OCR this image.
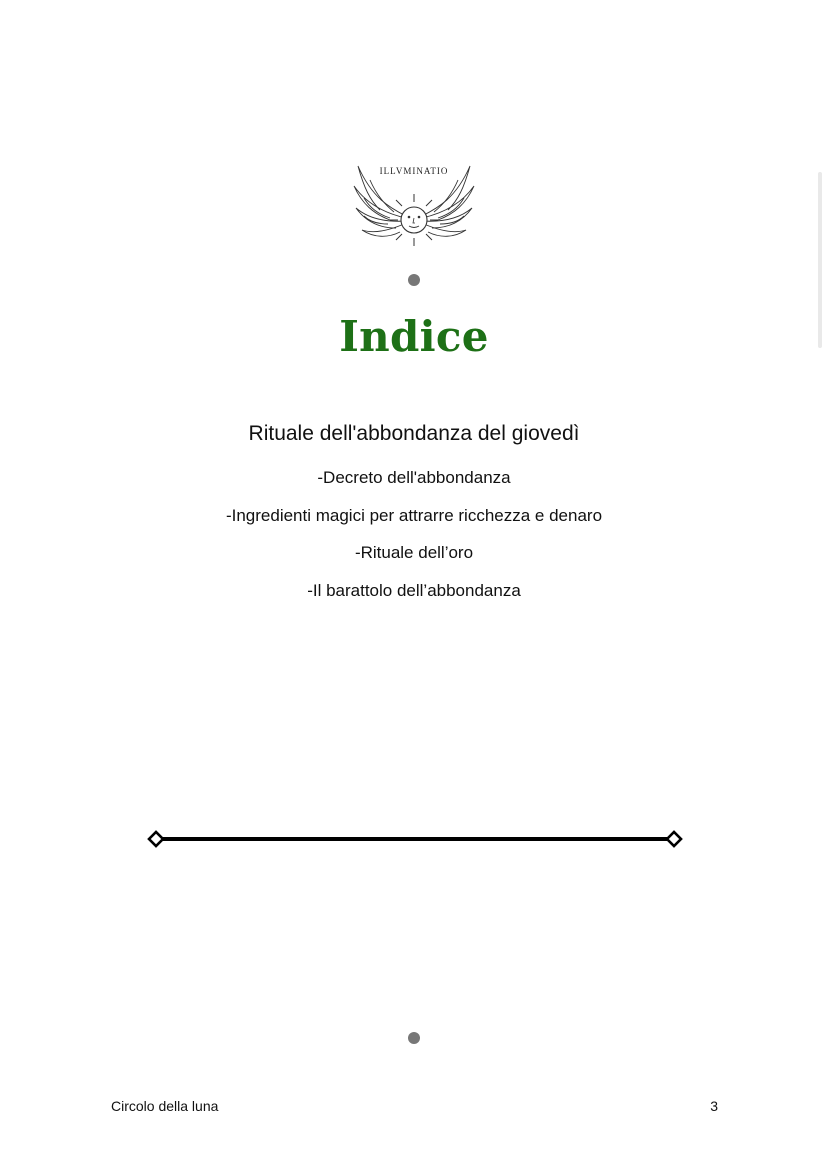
ILLVMINATIO
Indice
Rituale dell'abbondanza del giovedì
-Decreto dell'abbondanza
-Ingredienti magici per attrarre ricchezza e denaro
-Rituale dell’oro
-Il barattolo dell’abbondanza
Circolo della luna	3
